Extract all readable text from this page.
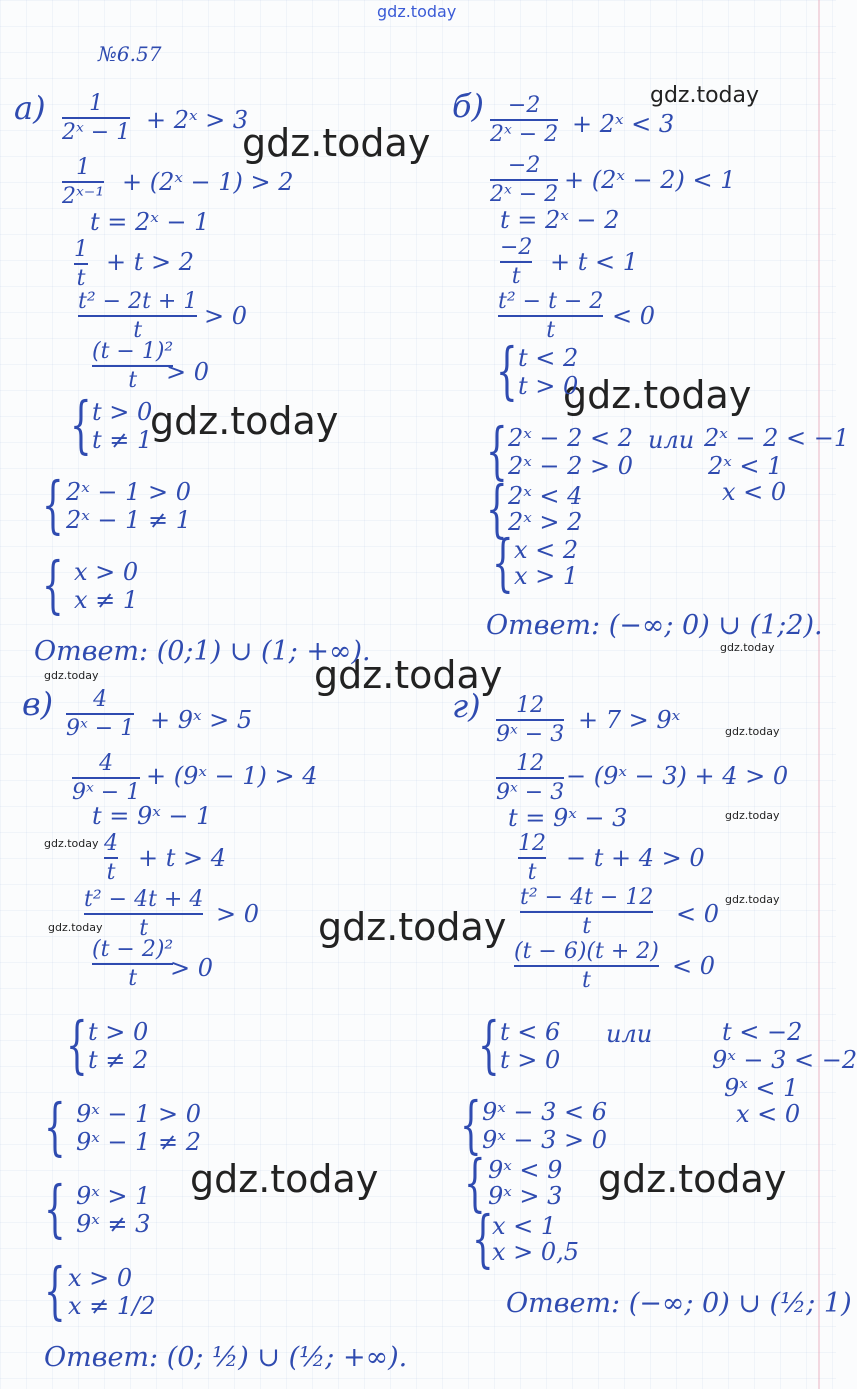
gdz.today
gdz.today
gdz.today
gdz.today
gdz.today
gdz.today
gdz.today	gdz.today
gdz.today
gdz.today
gdz.today
gdz.today
gdz.today
gdz.today
gdz.today
gdz.today
№6.57
а) 1
2ˣ − 1 + 2ˣ > 3
1
2ˣ⁻¹
+ (2ˣ − 1) > 2
t = 2ˣ − 1
1
t
+ t > 2
t² − 2t + 1
t
> 0
(t − 1)²
t > 0
{ t > 0
t ≠ 1
{ 2ˣ − 1 > 0
2ˣ − 1 ≠ 1
{ x > 0
x ≠ 1
Ответ: (0;1) ∪ (1; +∞).
б) −2
2ˣ − 2 + 2ˣ < 3
−2
2ˣ − 2
+ (2ˣ − 2) < 1
t = 2ˣ − 2
−2
t
+ t < 1
t² − t − 2
t
< 0
{ t < 2
t > 0
{ 2ˣ − 2 < 2
2ˣ − 2 > 0
или 2ˣ − 2 < −1
2ˣ < 1
x < 0
{ 2ˣ < 4
2ˣ > 2
{ x < 2
x > 1
Ответ: (−∞; 0) ∪ (1;2).
в) 4
9ˣ − 1 + 9ˣ > 5
4
9ˣ − 1
+ (9ˣ − 1) > 4
t = 9ˣ − 1
4
t
+ t > 4
t² − 4t + 4
t
> 0
(t − 2)²
t > 0
{ t > 0
t ≠ 2
{ 9ˣ − 1 > 0
9ˣ − 1 ≠ 2
{ 9ˣ > 1
9ˣ ≠ 3
{ x > 0
x ≠ 1/2
Ответ: (0; ½) ∪ (½; +∞).
г) 12
9ˣ − 3
+ 7 > 9ˣ
12
9ˣ − 3
− (9ˣ − 3) + 4 > 0
t = 9ˣ − 3
12
t
− t + 4 > 0
t² − 4t − 12
t	< 0
(t − 6)(t + 2)
t
< 0
{ t < 6
t > 0
или	t < −2
9ˣ − 3 < −2
9ˣ < 1
x < 0
{ 9ˣ − 3 < 6
9ˣ − 3 > 0
{ 9ˣ < 9
9ˣ > 3
{
x < 1
x > 0,5
Ответ: (−∞; 0) ∪ (½; 1)
